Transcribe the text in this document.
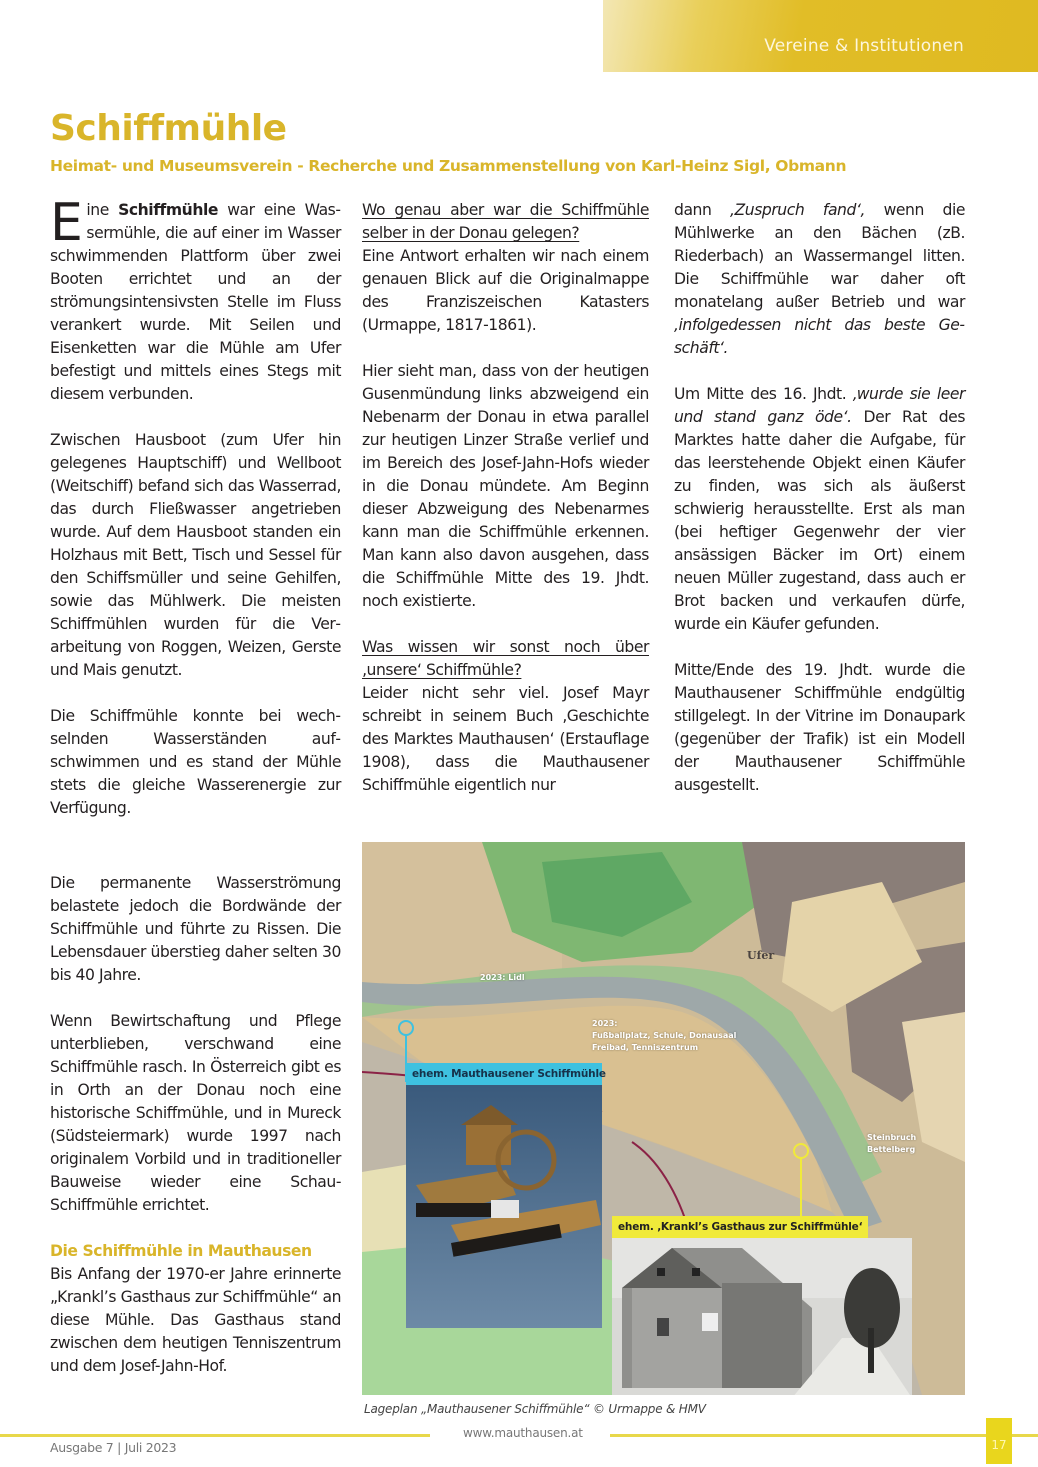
Vereine & Institutionen
Schiffmühle
Heimat- und Museumsverein - Recherche und Zusammenstellung von Karl-Heinz Sigl, Obmann

Eine Schiffmühle war eine Wassermühle, die auf einer im Wasser schwimmenden Plattform über zwei Booten errichtet und an der strömungsintensivsten Stelle im Fluss verankert wurde. Mit Seilen und Eisenketten war die Mühle am Ufer befestigt und mittels eines Stegs mit diesem verbunden.

Zwischen Hausboot (zum Ufer hin gelegenes Hauptschiff) und Wellboot (Weitschiff) befand sich das Wasserrad, das durch Fließwasser angetrieben wurde. Auf dem Hausboot standen ein Holzhaus mit Bett, Tisch und Sessel für den Schiffsmüller und seine Gehilfen, sowie das Mühlwerk. Die meisten Schiffmühlen wurden für die Verarbeitung von Roggen, Weizen, Gerste und Mais genutzt.

Die Schiffmühle konnte bei wechselnden Wasserständen aufschwimmen und es stand der Mühle stets die gleiche Wasserenergie zur Verfügung.

Die permanente Wasserströmung belastete jedoch die Bordwände der Schiffmühle und führte zu Rissen. Die Lebensdauer überstieg daher selten 30 bis 40 Jahre.

Wenn Bewirtschaftung und Pflege unterblieben, verschwand eine Schiffmühle rasch. In Österreich gibt es in Orth an der Donau noch eine historische Schiffmühle, und in Mureck (Südsteiermark) wurde 1997 nach originalem Vorbild und in traditioneller Bauweise wieder eine Schau-Schiffmühle errichtet.

Die Schiffmühle in Mauthausen
Bis Anfang der 1970-er Jahre erinnerte „Krankl’s Gasthaus zur Schiffmühle“ an diese Mühle. Das Gasthaus stand zwischen dem heutigen Tenniszentrum und dem Josef-Jahn-Hof.

Wo genau aber war die Schiffmühle selber in der Donau gelegen?
Eine Antwort erhalten wir nach einem genauen Blick auf die Originalmappe des Franziszeischen Katasters (Urmappe, 1817-1861).

Hier sieht man, dass von der heutigen Gusenmündung links abzweigend ein Nebenarm der Donau in etwa parallel zur heutigen Linzer Straße verlief und im Bereich des Josef-Jahn-Hofs wieder in die Donau mündete. Am Beginn dieser Abzweigung des Nebenarmes kann man die Schiffmühle erkennen. Man kann also davon ausgehen, dass die Schiffmühle Mitte des 19. Jhdt. noch existierte.

Was wissen wir sonst noch über ‚unsere‘ Schiffmühle?
Leider nicht sehr viel. Josef Mayr schreibt in seinem Buch ‚Geschichte des Marktes Mauthausen‘ (Erstauflage 1908), dass die Mauthausener Schiffmühle eigentlich nur

dann ‚Zuspruch fand‘, wenn die Mühlwerke an den Bächen (zB. Riederbach) an Wassermangel litten. Die Schiffmühle war daher oft monatelang außer Betrieb und war ‚infolgedessen nicht das beste Geschäft‘.

Um Mitte des 16. Jhdt. ‚wurde sie leer und stand ganz öde‘. Der Rat des Marktes hatte daher die Aufgabe, für das leerstehende Objekt einen Käufer zu finden, was sich als äußerst schwierig herausstellte. Erst als man (bei heftiger Gegenwehr der vier ansässigen Bäcker im Ort) einem neuen Müller zugestand, dass auch er Brot backen und verkaufen dürfe, wurde ein Käufer gefunden.

Mitte/Ende des 19. Jhdt. wurde die Mauthausener Schiffmühle endgültig stillgelegt. In der Vitrine im Donaupark (gegenüber der Trafik) ist ein Modell der Mauthausener Schiffmühle ausgestellt.

Ufer
2023: Lidl
2023:
Fußballplatz, Schule, Donausaal
Freibad, Tenniszentrum
Steinbruch Bettelberg
ehem. Mauthausener Schiffmühle
ehem. ‚Krankl’s Gasthaus zur Schiffmühle‘
Lageplan „Mauthausener Schiffmühle“ © Urmappe & HMV
Ausgabe 7 | Juli 2023
www.mauthausen.at
17
